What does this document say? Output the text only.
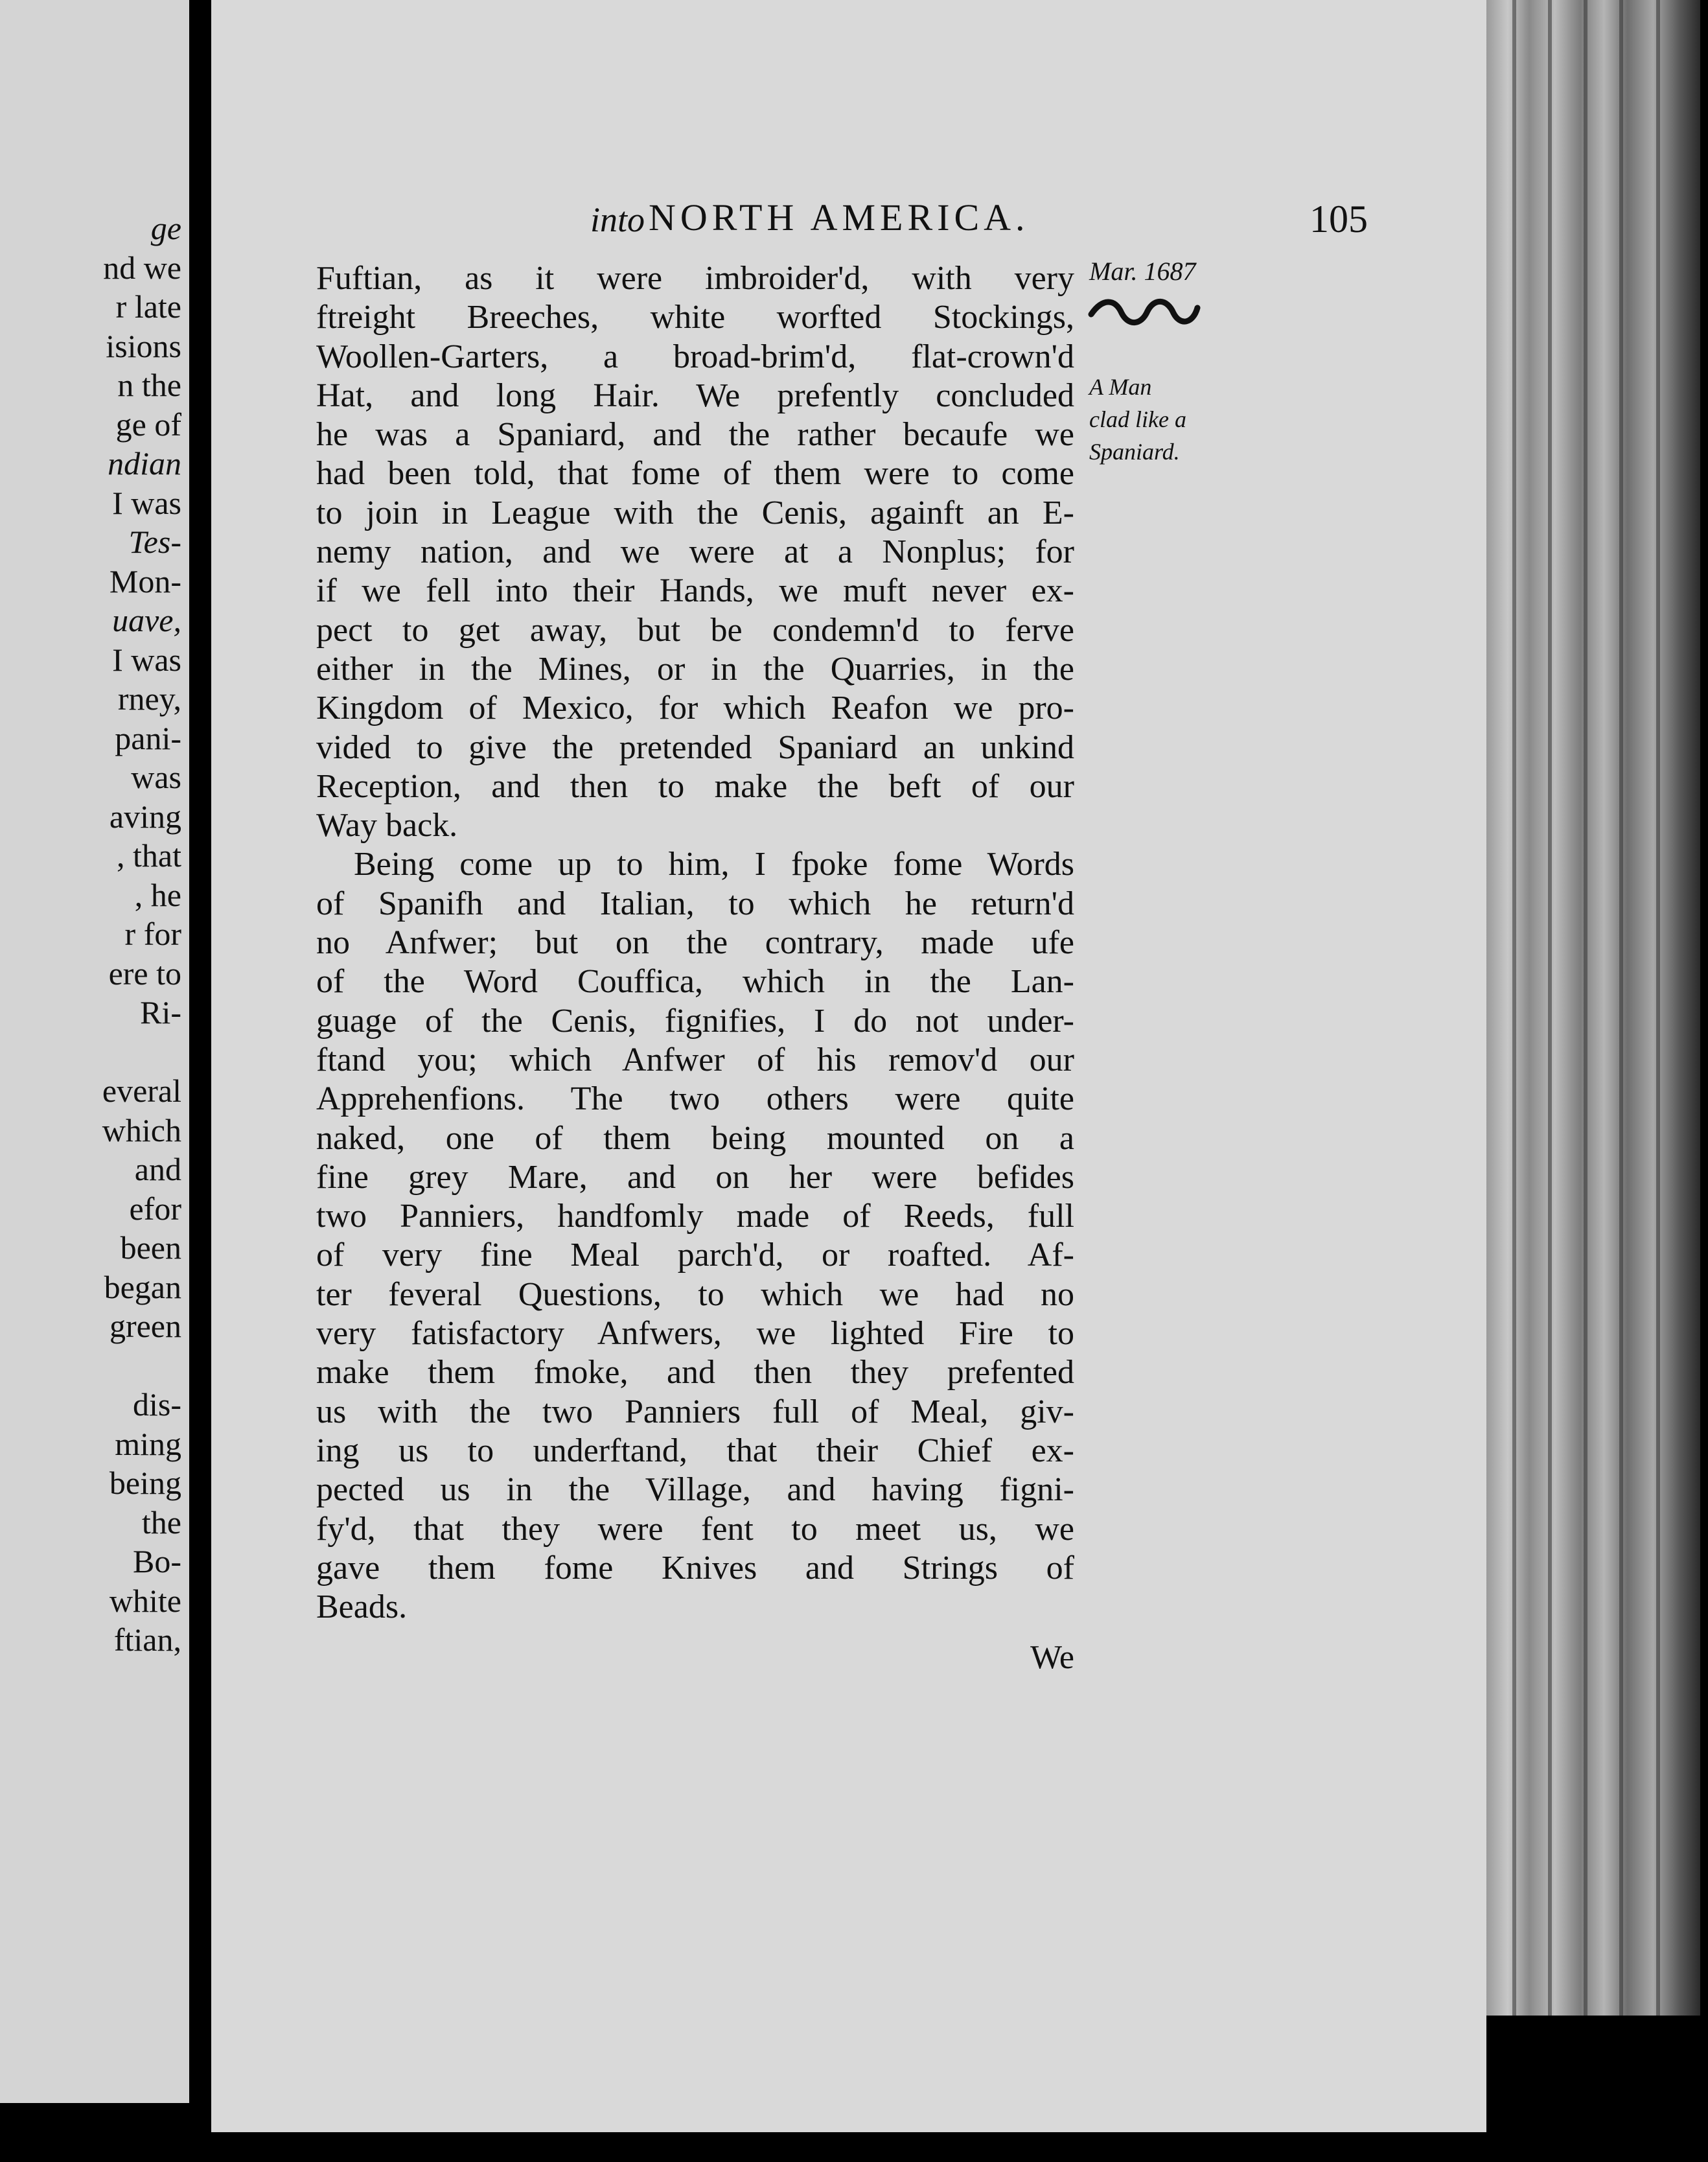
ge
nd we
r late
isions
n the
ge of
ndian
I was
Tes-
Mon-
uave,
I was
rney,
pani-
was
aving
, that
, he
r for
ere to
Ri-
everal
which
and
efor
been
began
green
dis-
ming
being
the
Bo-
white
ftian,
into NORTH AMERICA.	105
Mar. 1687
A Man
clad like a
Spaniard.

Fuftian, as it were imbroider'd, with very

ftreight Breeches, white worfted Stockings,

Woollen-Garters, a broad-brim'd, flat-crown'd

Hat, and long Hair. We prefently concluded

he was a Spaniard, and the rather becaufe we

had been told, that fome of them were to come

to join in League with the Cenis, againft an E-

nemy nation, and we were at a Nonplus; for

if we fell into their Hands, we muft never ex-

pect to get away, but be condemn'd to ferve

either in the Mines, or in the Quarries, in the

Kingdom of Mexico, for which Reafon we pro-

vided to give the pretended Spaniard an unkind

Reception, and then to make the beft of our

Way back.

Being come up to him, I fpoke fome Words

of Spanifh and Italian, to which he return'd

no Anfwer; but on the contrary, made ufe

of the Word Couffica, which in the Lan-

guage of the Cenis, fignifies, I do not under-

ftand you; which Anfwer of his remov'd our

Apprehenfions. The two others were quite

naked, one of them being mounted on a

fine grey Mare, and on her were befides

two Panniers, handfomly made of Reeds, full

of very fine Meal parch'd, or roafted. Af-

ter feveral Questions, to which we had no

very fatisfactory Anfwers, we lighted Fire to

make them fmoke, and then they prefented

us with the two Panniers full of Meal, giv-

ing us to underftand, that their Chief ex-

pected us in the Village, and having figni-

fy'd, that they were fent to meet us, we

gave them fome Knives and Strings of

Beads.

We
